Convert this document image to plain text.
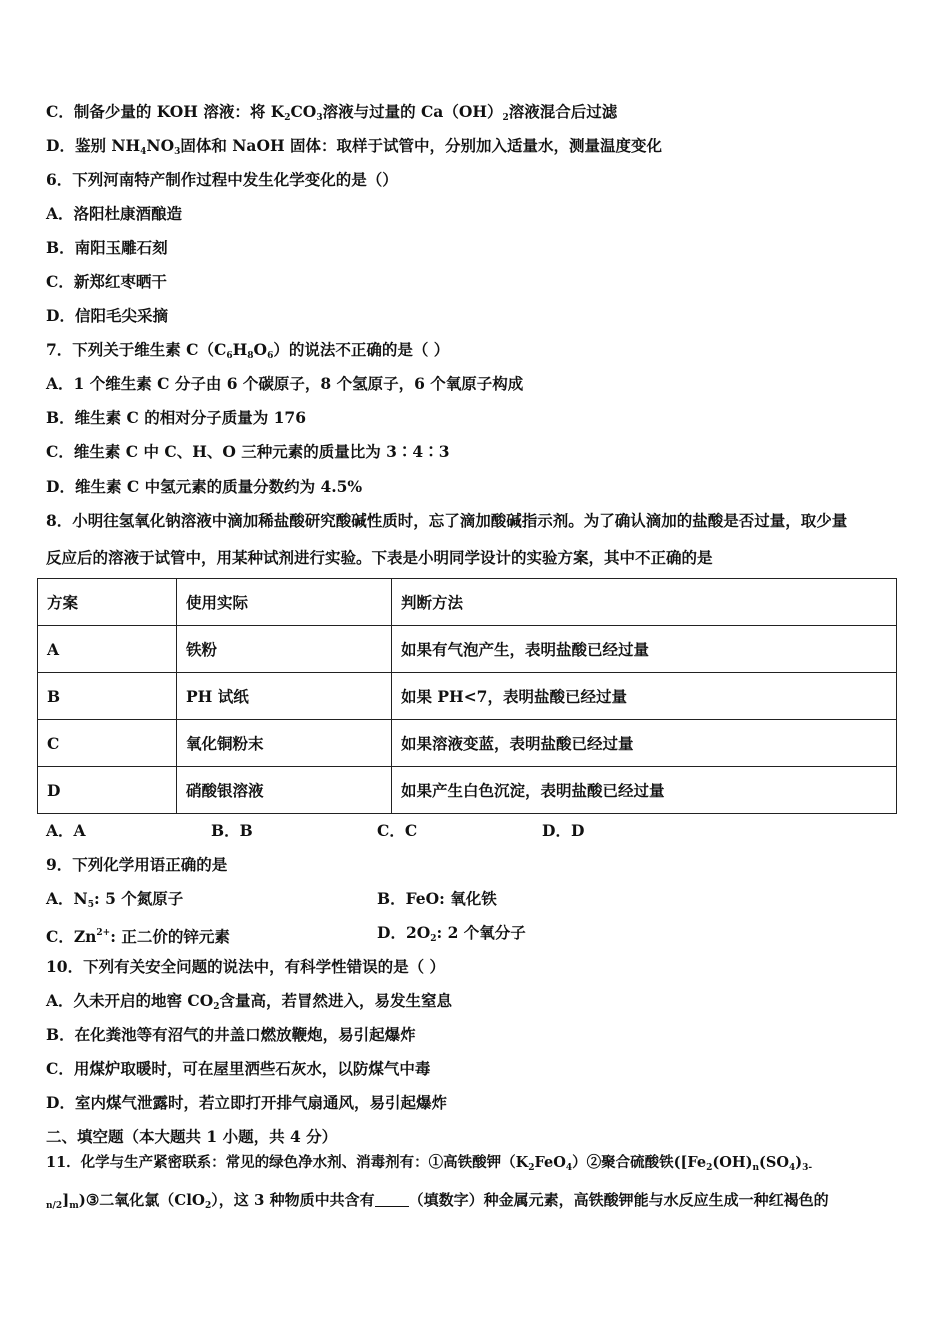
C．制备少量的 KOH 溶液：将 $K_2CO_3$溶液与过量的 $Ca(OH)_2$溶液混合后过滤
D．鉴别 $NH_4NO_3$固体和 NaOH 固体：取样于试管中，分别加入适量水，测量温度变化
6．下列河南特产制作过程中发生化学变化的是（）
A．洛阳杜康酒酿造
B．南阳玉雕石刻
C．新郑红枣晒干
D．信阳毛尖采摘
7．下列关于维生素 $C(C_6H_8O_6)$的说法不正确的是（ ）
A．1 个维生素 C 分子由 6 个碳原子，8 个氢原子，6 个氧原子构成
B．维生素 C 的相对分子质量为 176
C．维生素 C 中 C、H、O 三种元素的质量比为 3∶4∶3
D．维生素 C 中氢元素的质量分数约为 4.5%
8．小明往氢氧化钠溶液中滴加稀盐酸研究酸碱性质时，忘了滴加酸碱指示剂。为了确认滴加的盐酸是否过量，取少量
反应后的溶液于试管中，用某种试剂进行实验。下表是小明同学设计的实验方案，其中不正确的是
方案	使用实际	判断方法
A	铁粉	如果有气泡产生，表明盐酸已经过量
B	PH 试纸	如果 PH<7，表明盐酸已经过量
C	氧化铜粉末	如果溶液变蓝，表明盐酸已经过量
D	硝酸银溶液	如果产生白色沉淀，表明盐酸已经过量
A．A	B．B	C．C	D．D
9．下列化学用语正确的是
A．$N_5$: 5 个氮原子	B．FeO: 氧化铁
C．$Zn^{2+}$: 正二价的锌元素	D．$2O_2$: 2 个氧分子
10．下列有关安全问题的说法中，有科学性错误的是（ ）
A．久未开启的地窖 $CO_2$含量高，若冒然进入，易发生窒息
B．在化粪池等有沼气的井盖口燃放鞭炮，易引起爆炸
C．用煤炉取暖时，可在屋里洒些石灰水，以防煤气中毒
D．室内煤气泄露时，若立即打开排气扇通风，易引起爆炸
二、填空题（本大题共 1 小题，共 4 分）
11．化学与生产紧密联系：常见的绿色净水剂、消毒剂有：①高铁酸钾$(K_2FeO_4)②$聚合硫酸铁([$Fe_2(OH)_n(SO_4)_{3-}$
$_{n/2}]_m)③$二氧化氯（ClO$_2$），这 3 种物质中共含有 （填数字）种金属元素，高铁酸钾能与水反应生成一种红褐色的
